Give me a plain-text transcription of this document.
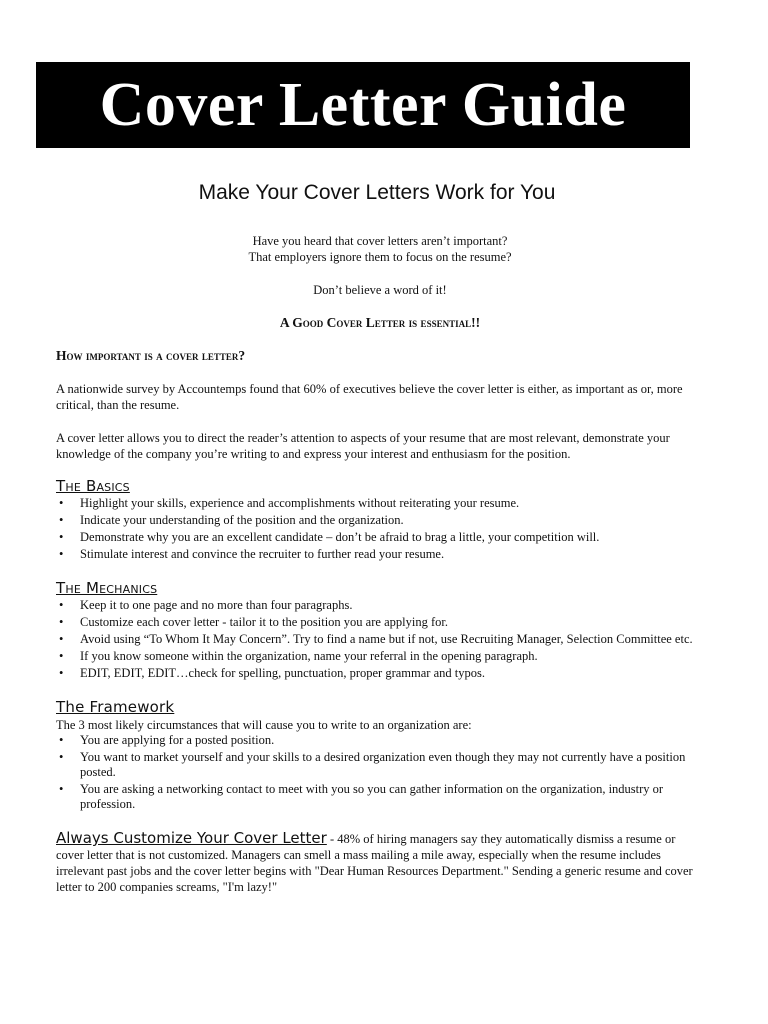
Cover Letter Guide
Make Your Cover Letters Work for You

Have you heard that cover letters aren’t important?

That employers ignore them to focus on the resume?

Don’t believe a word of it!

A Good Cover Letter is essential!!

How important is a cover letter?

A nationwide survey by Accountemps found that 60% of executives believe the cover letter is either, as important as or, more critical, than the resume.

A cover letter allows you to direct the reader’s attention to aspects of your resume that are most relevant, demonstrate your knowledge of the company you’re writing to and express your interest and enthusiasm for the position.

The Basics

• Highlight your skills, experience and accomplishments without reiterating your resume.
• Indicate your understanding of the position and the organization.
• Demonstrate why you are an excellent candidate – don’t be afraid to brag a little, your competition will.
• Stimulate interest and convince the recruiter to further read your resume.

The Mechanics

• Keep it to one page and no more than four paragraphs.
• Customize each cover letter - tailor it to the position you are applying for.
• Avoid using “To Whom It May Concern”. Try to find a name but if not, use Recruiting Manager, Selection Committee etc.
• If you know someone within the organization, name your referral in the opening paragraph.
• EDIT, EDIT, EDIT…check for spelling, punctuation, proper grammar and typos.

The Framework

The 3 most likely circumstances that will cause you to write to an organization are:

• You are applying for a posted position.
• You want to market yourself and your skills to a desired organization even though they may not currently have a position posted.
• You are asking a networking contact to meet with you so you can gather information on the organization, industry or profession.

Always Customize Your Cover Letter - 48% of hiring managers say they automatically dismiss a resume or cover letter that is not customized. Managers can smell a mass mailing a mile away, especially when the resume includes irrelevant past jobs and the cover letter begins with "Dear Human Resources Department." Sending a generic resume and cover letter to 200 companies screams, "I'm lazy!"
